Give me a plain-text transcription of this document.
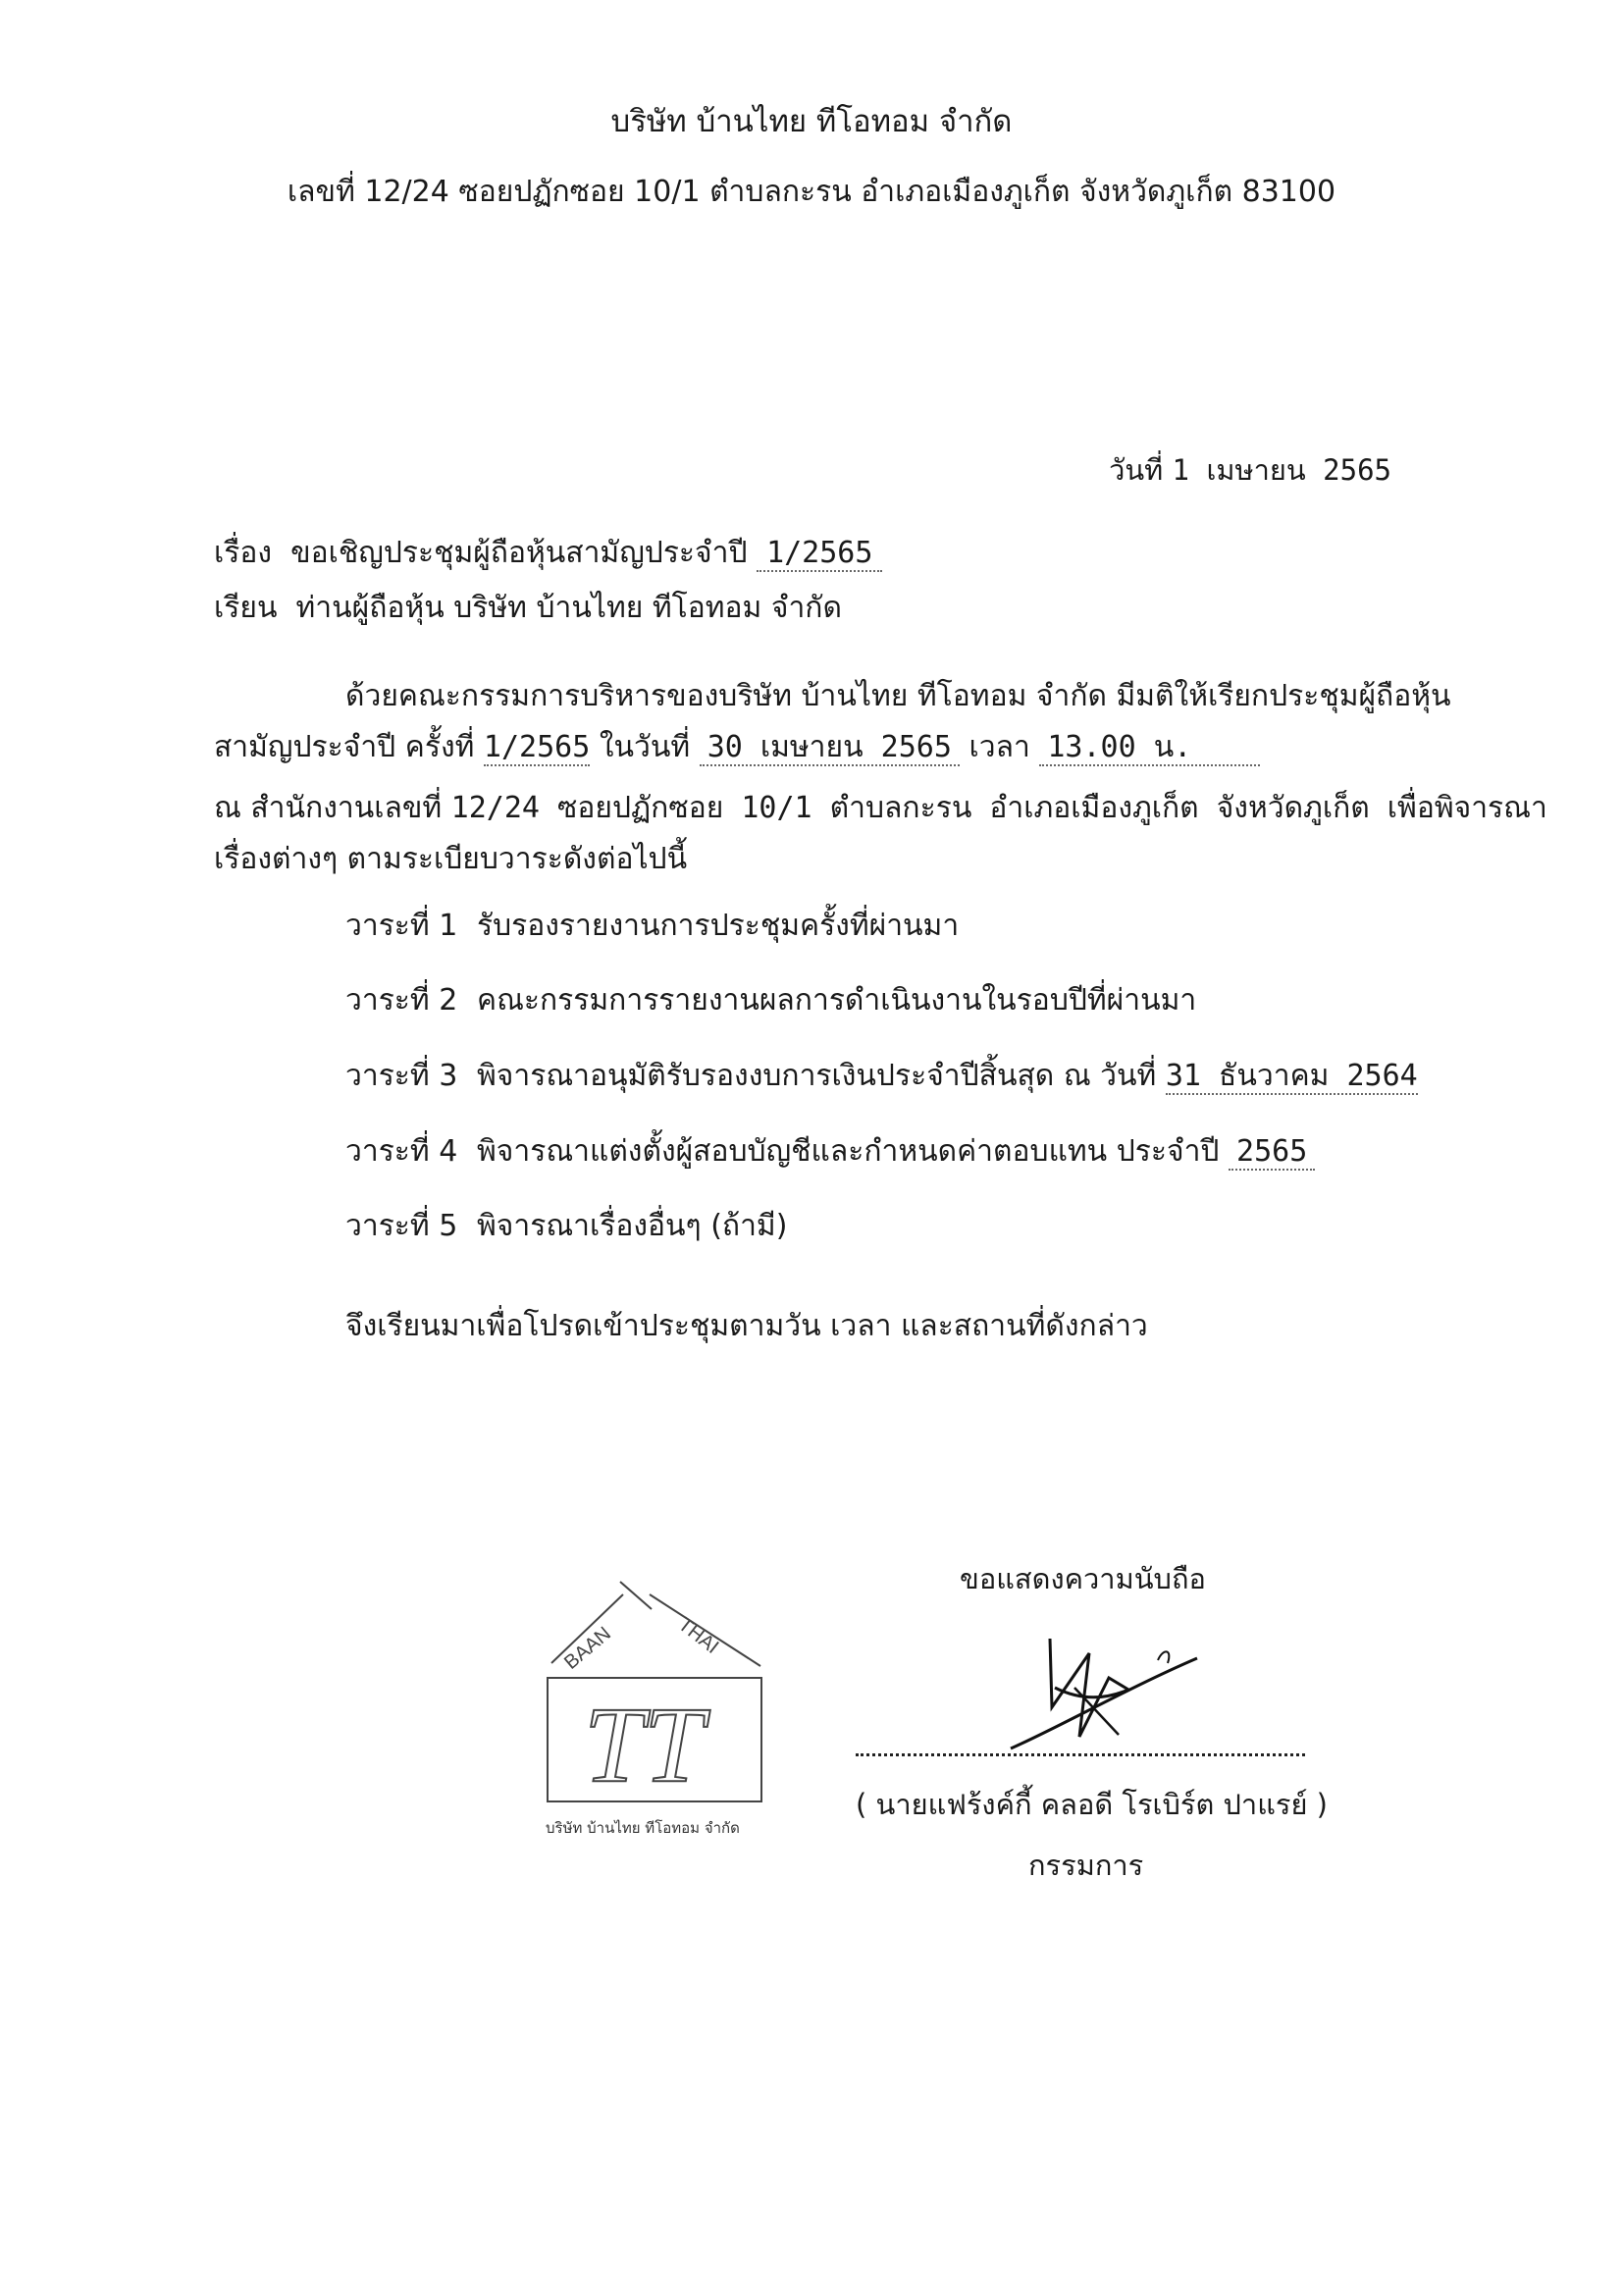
บริษัท บ้านไทย ทีโอทอม จำกัด
เลขที่ 12/24 ซอยปฏักซอย 10/1 ตำบลกะรน อำเภอเมืองภูเก็ต จังหวัดภูเก็ต 83100
วันที่ 1 เมษายน 2565
เรื่อง ขอเชิญประชุมผู้ถือหุ้นสามัญประจำปี 1/2565
เรียน ท่านผู้ถือหุ้น บริษัท บ้านไทย ทีโอทอม จำกัด
ด้วยคณะกรรมการบริหารของบริษัท บ้านไทย ทีโอทอม จำกัด มีมติให้เรียกประชุมผู้ถือหุ้น
สามัญประจำปี ครั้งที่ 1/2565 ในวันที่ 30 เมษายน 2565 เวลา 13.00 น.
ณ สำนักงานเลขที่ 12/24 ซอยปฏักซอย 10/1 ตำบลกะรน อำเภอเมืองภูเก็ต จังหวัดภูเก็ต เพื่อพิจารณา
เรื่องต่างๆ ตามระเบียบวาระดังต่อไปนี้
วาระที่ 1 รับรองรายงานการประชุมครั้งที่ผ่านมา
วาระที่ 2 คณะกรรมการรายงานผลการดำเนินงานในรอบปีที่ผ่านมา
วาระที่ 3 พิจารณาอนุมัติรับรองงบการเงินประจำปีสิ้นสุด ณ วันที่ 31 ธันวาคม 2564
วาระที่ 4 พิจารณาแต่งตั้งผู้สอบบัญชีและกำหนดค่าตอบแทน ประจำปี 2565
วาระที่ 5 พิจารณาเรื่องอื่นๆ (ถ้ามี)
จึงเรียนมาเพื่อโปรดเข้าประชุมตามวัน เวลา และสถานที่ดังกล่าว
ขอแสดงความนับถือ
( นายแฟร้งค์กี้ คลอดี โรเบิร์ต ปาแรย์ )
กรรมการ
BAAN	THAI
TT
บริษัท บ้านไทย ทีโอทอม จำกัด
